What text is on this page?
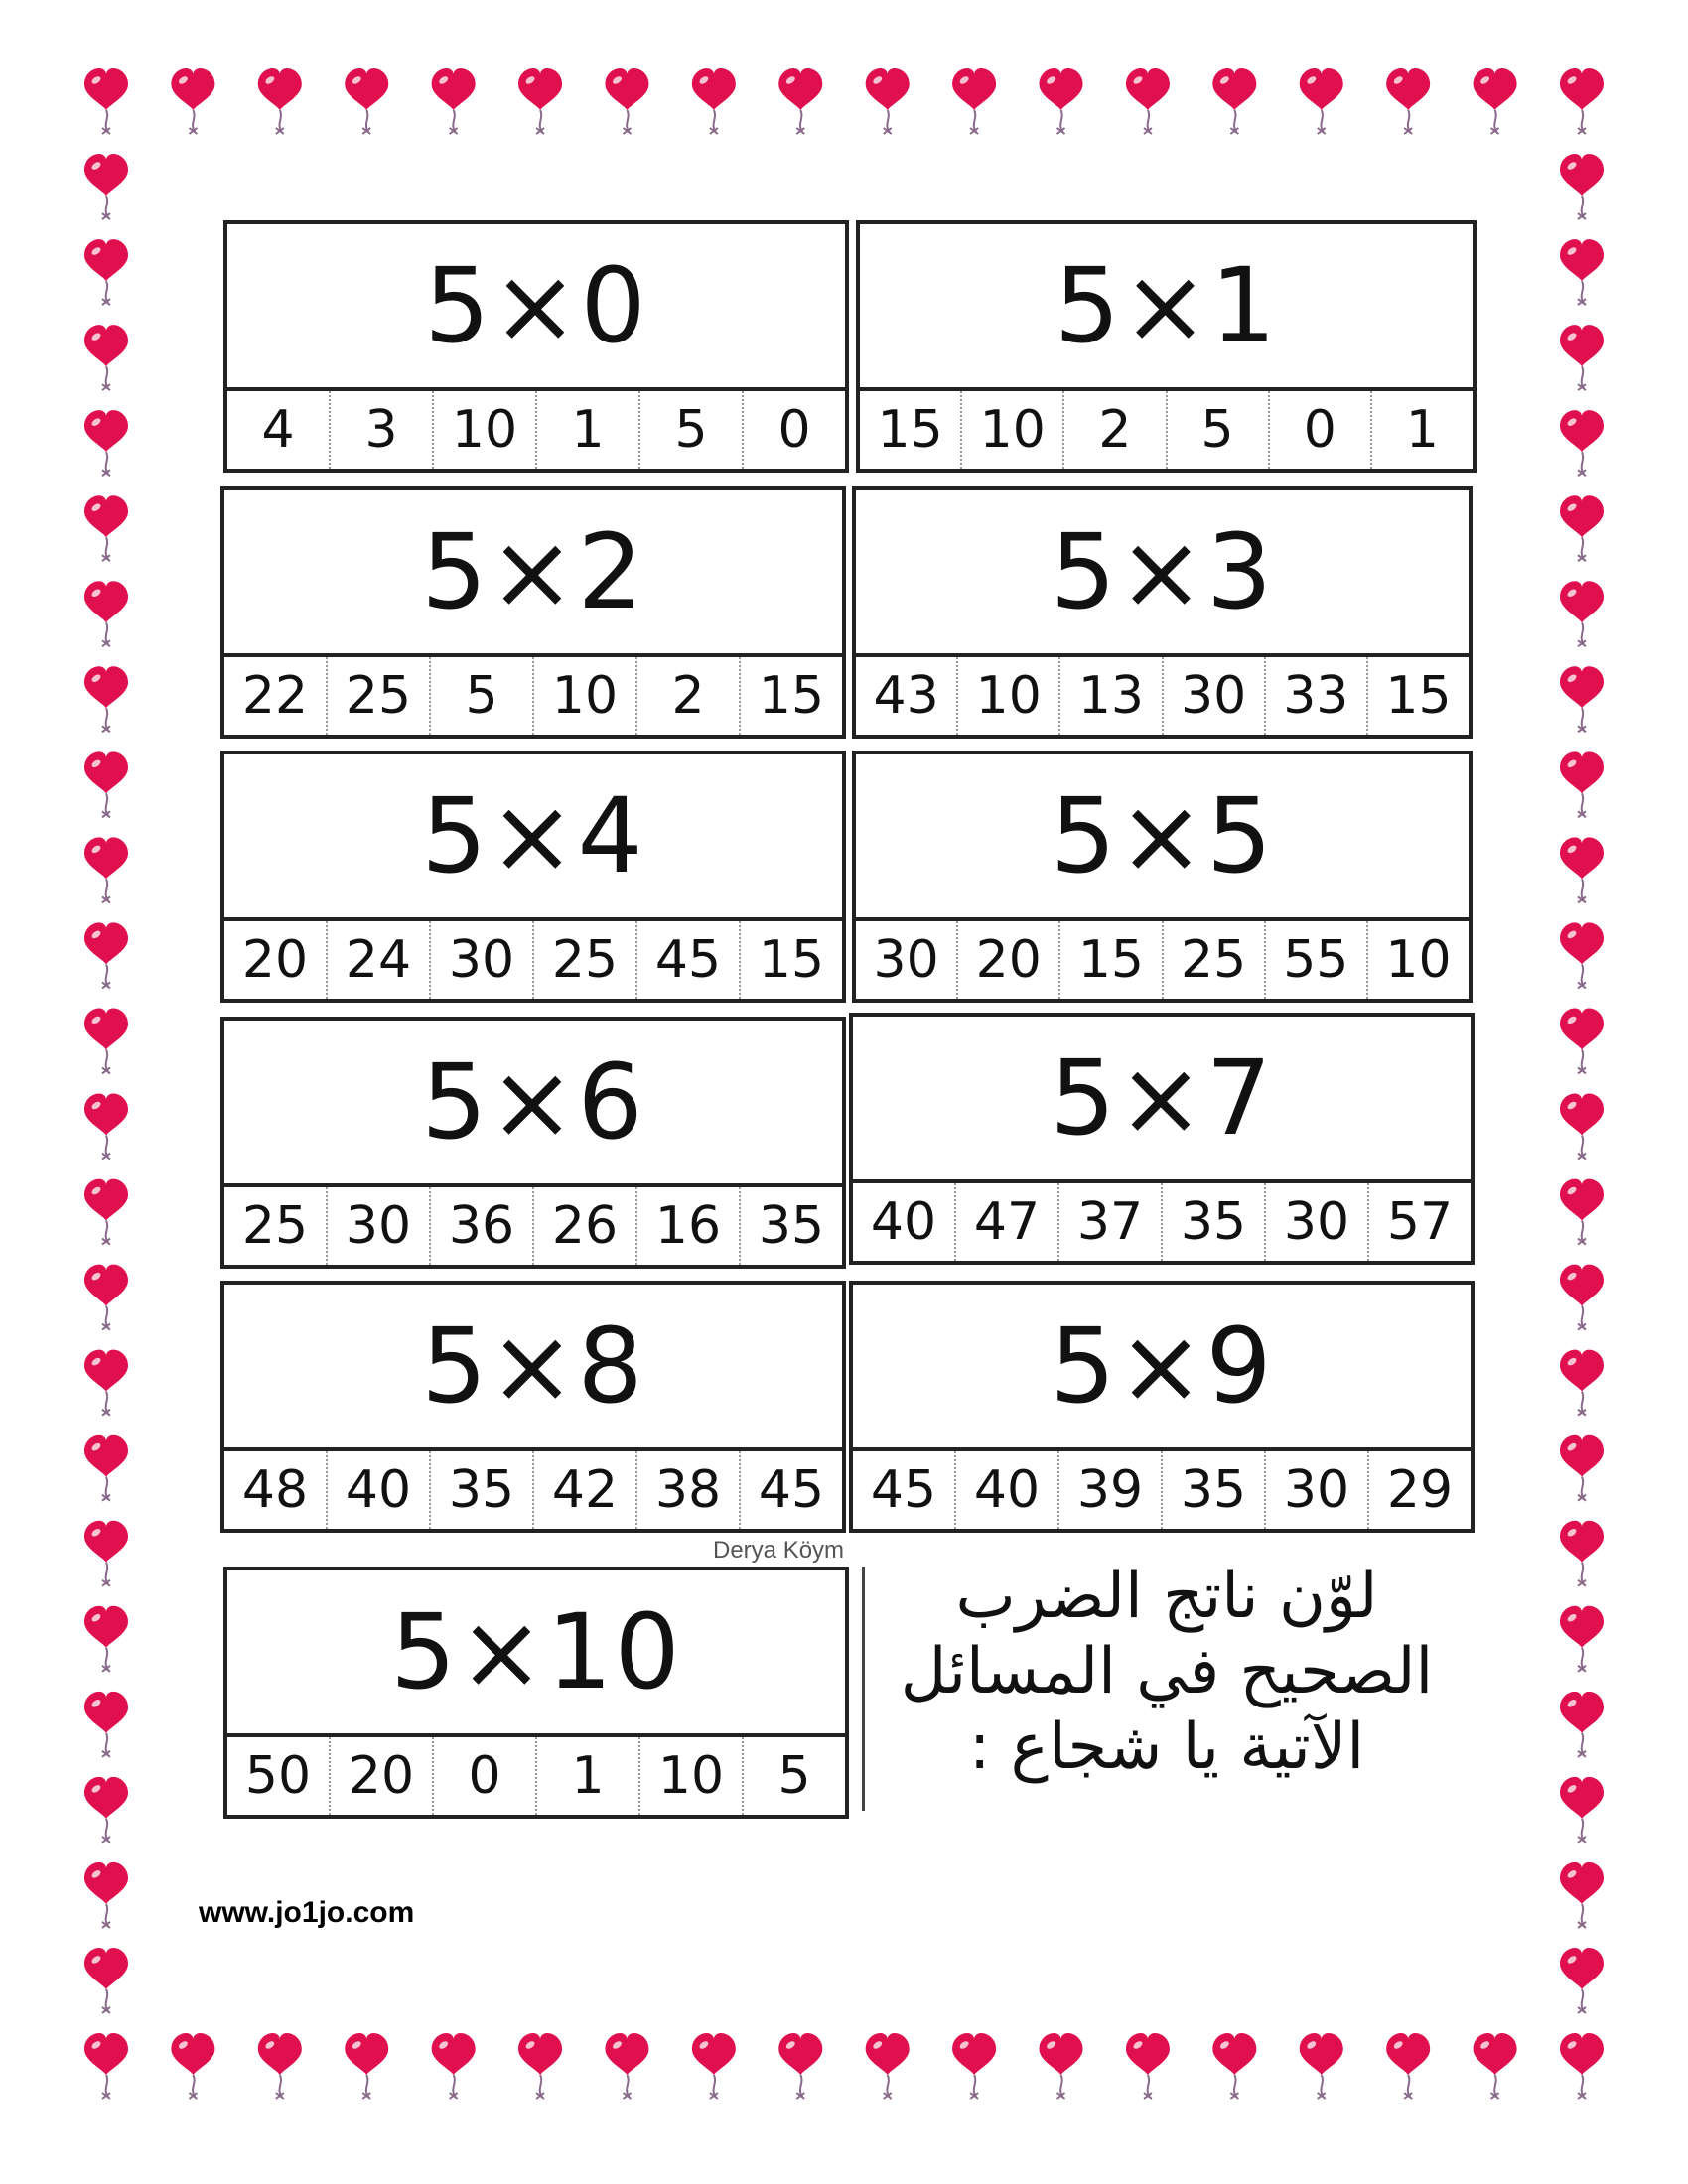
5×0
4	3	10	1	5	0
5×1
15 10	2	5	0	1
5×2
22 25	5	10	2	15
5×3
43 10 13 30 33 15
5×4
20 24 30 25 45 15
5×5
30 20 15 25 55 10
5×6
25 30 36 26 16 35
5×7
40 47 37 35 30 57
5×8
48 40 35 42 38 45
5×9
45 40 39 35 30 29
5×10
50 20	0	1	10	5
Derya Köym
لوّن ناتج الضرب
الصحيح في المسائل
الآتية يا شجاع :
www.jo1jo.com
